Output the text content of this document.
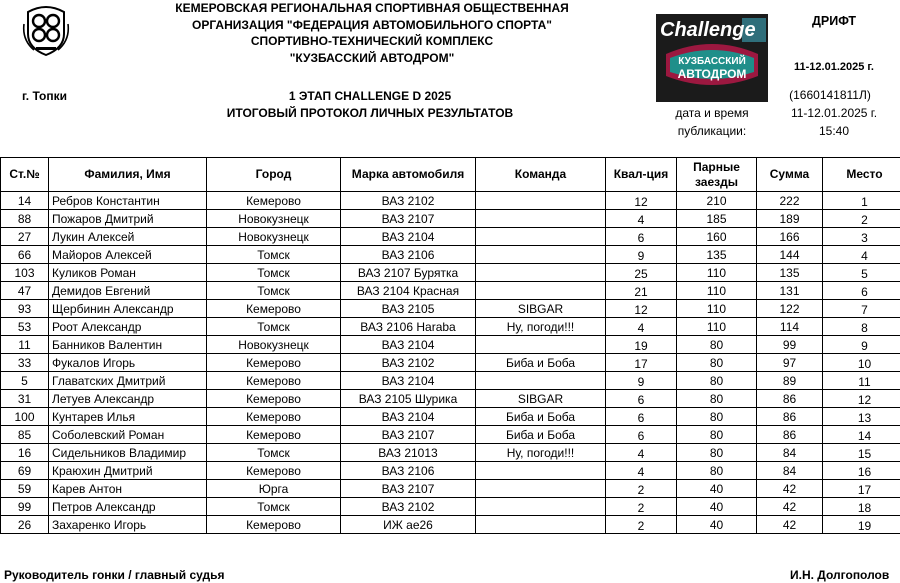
КЕМЕРОВСКАЯ РЕГИОНАЛЬНАЯ СПОРТИВНАЯ ОБЩЕСТВЕННАЯ
ОРГАНИЗАЦИЯ "ФЕДЕРАЦИЯ АВТОМОБИЛЬНОГО СПОРТА"
СПОРТИВНО-ТЕХНИЧЕСКИЙ КОМПЛЕКС
"КУЗБАССКИЙ АВТОДРОМ"
г. Топки	1 ЭТАП CHALLENGE D 2025
ИТОГОВЫЙ ПРОТОКОЛ ЛИЧНЫХ РЕЗУЛЬТАТОВ
Challenge
КУЗБАССКИЙ
АВТОДРОМ
ДРИФТ
11-12.01.2025 г.
(1660141811Л)
дата и время
публикации:
11-12.01.2025 г.
15:40
Ст.№	Фамилия, Имя	Город	Марка автомобиля	Команда	Квал-ция	Парные
заезды	Сумма	Место
14	Ребров Константин	Кемерово	ВАЗ 2102		12	210	222	1
88	Пожаров Дмитрий	Новокузнецк	ВАЗ 2107		4	185	189	2
27	Лукин Алексей	Новокузнецк	ВАЗ 2104		6	160	166	3
66	Майоров Алексей	Томск	ВАЗ 2106		9	135	144	4
103	Куликов Роман	Томск	ВАЗ 2107 Бурятка		25	110	135	5
47	Демидов Евгений	Томск	ВАЗ 2104 Красная		21	110	131	6
93	Щербинин Александр	Кемерово	ВАЗ 2105	SIBGAR	12	110	122	7
53	Роот Александр	Томск	ВАЗ 2106 Haraba	Ну, погоди!!!	4	110	114	8
11	Банников Валентин	Новокузнецк	ВАЗ 2104		19	80	99	9
33	Фукалов Игорь	Кемерово	ВАЗ 2102	Биба и Боба	17	80	97	10
5	Главатских Дмитрий	Кемерово	ВАЗ 2104		9	80	89	11
31	Летуев Александр	Кемерово	ВАЗ 2105 Шурика	SIBGAR	6	80	86	12
100	Кунтарев Илья	Кемерово	ВАЗ 2104	Биба и Боба	6	80	86	13
85	Соболевский Роман	Кемерово	ВАЗ 2107	Биба и Боба	6	80	86	14
16	Сидельников Владимир	Томск	ВАЗ 21013	Ну, погоди!!!	4	80	84	15
69	Краюхин Дмитрий	Кемерово	ВАЗ 2106		4	80	84	16
59	Карев Антон	Юрга	ВАЗ 2107		2	40	42	17
99	Петров Александр	Томск	ВАЗ 2102		2	40	42	18
26	Захаренко Игорь	Кемерово	ИЖ ае26		2	40	42	19
Руководитель гонки / главный судья	И.Н. Долгополов
